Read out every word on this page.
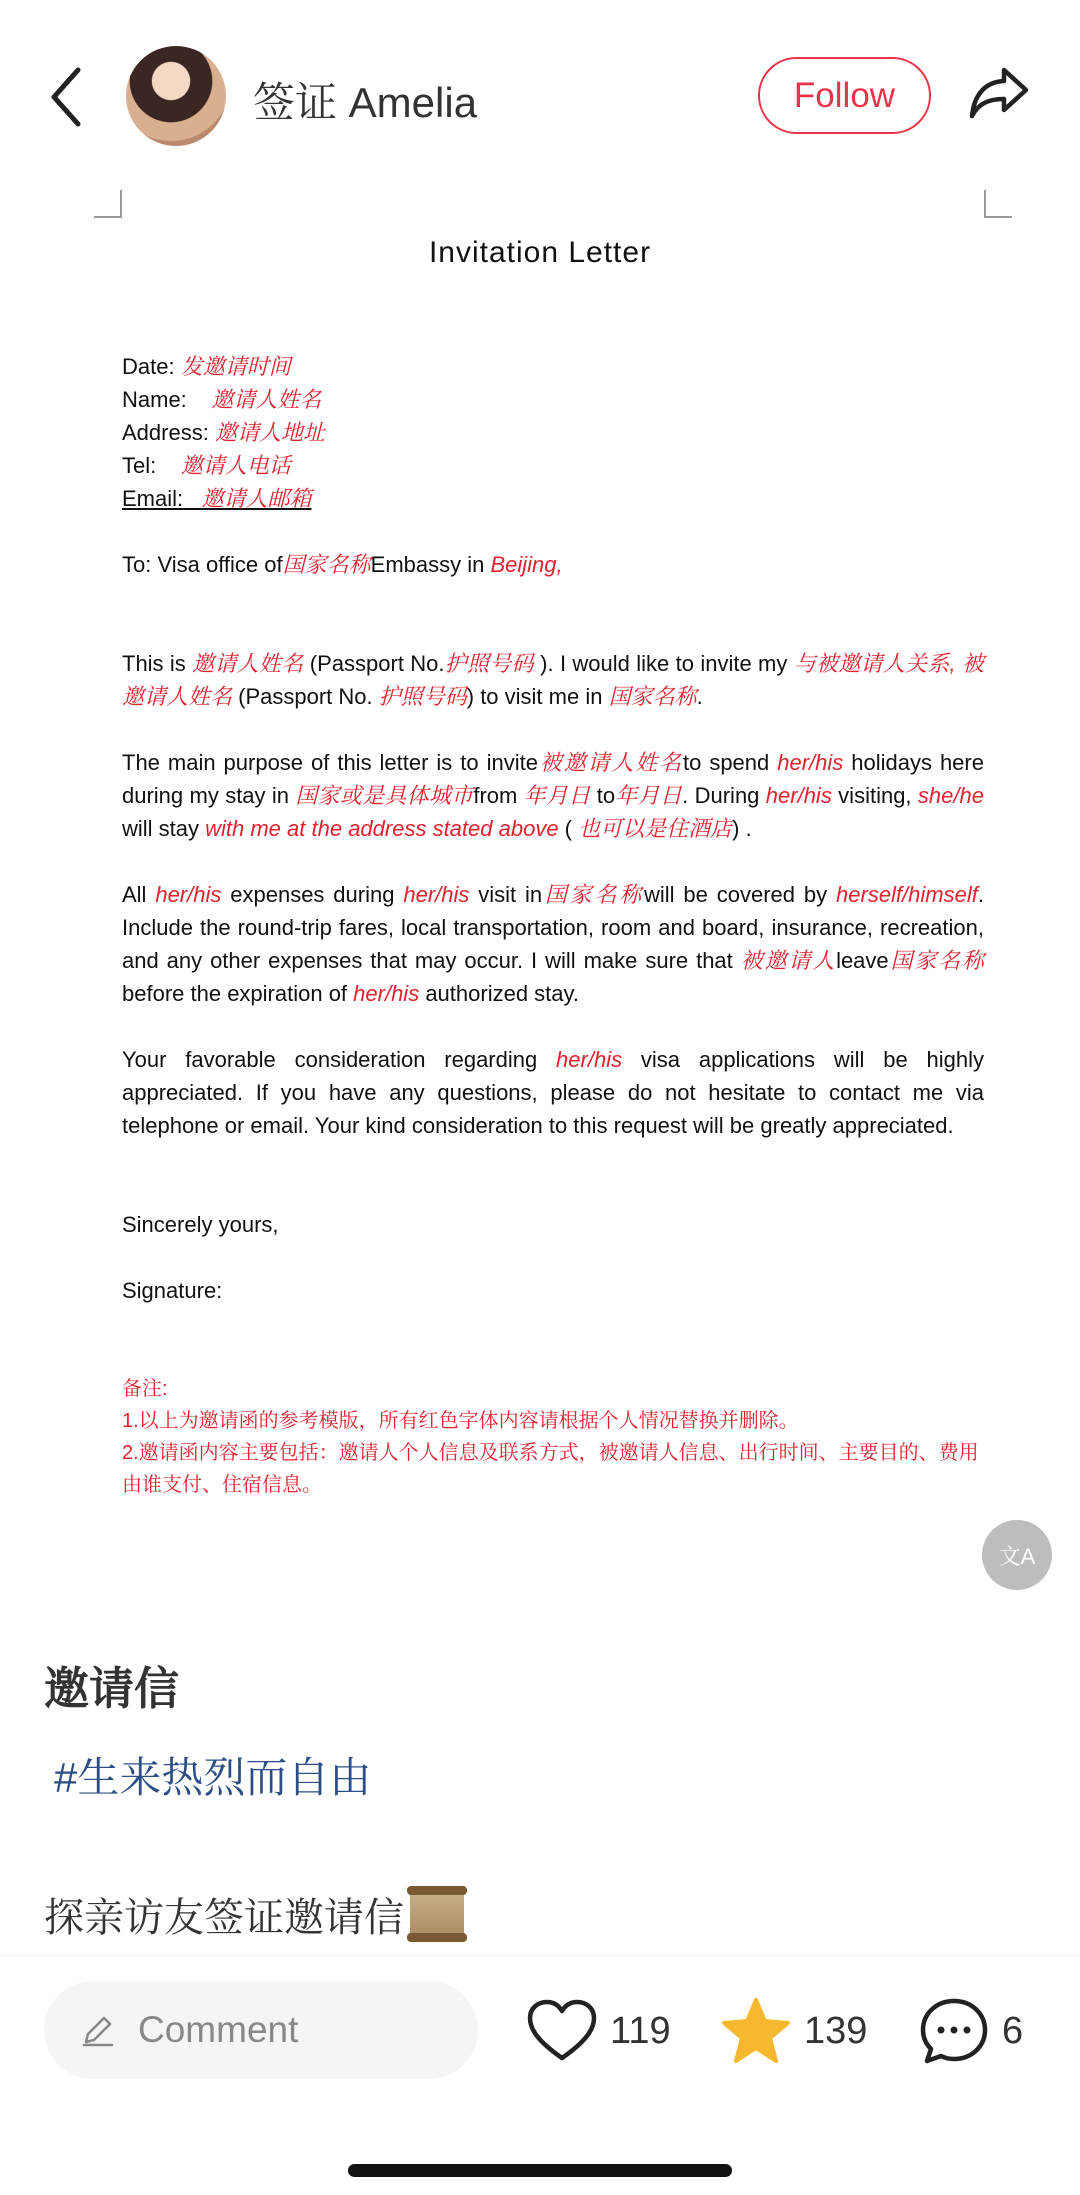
签证 Amelia	Follow
Invitation Letter
Date: 发邀请时间
Name: 邀请人姓名
Address: 邀请人地址
Tel: 邀请人电话
Email: 邀请人邮箱
To: Visa office of国家名称Embassy in Beijing,
This is 邀请人姓名 (Passport No.护照号码 ). I would like to invite my 与被邀请人关系, 被邀请人姓名 (Passport No. 护照号码) to visit me in 国家名称.
The main purpose of this letter is to invite被邀请人姓名to spend her/his holidays here during my stay in 国家或是具体城市from 年月日 to年月日. During her/his visiting, she/he will stay with me at the address stated above ( 也可以是住酒店) .
All her/his expenses during her/his visit in国家名称will be covered by herself/himself. Include the round-trip fares, local transportation, room and board, insurance, recreation, and any other expenses that may occur. I will make sure that 被邀请人leave国家名称before the expiration of her/his authorized stay.
Your favorable consideration regarding her/his visa applications will be highly appreciated. If you have any questions, please do not hesitate to contact me via telephone or email. Your kind consideration to this request will be greatly appreciated.
Sincerely yours,
Signature:
备注:
1.以上为邀请函的参考模版，所有红色字体内容请根据个人情况替换并删除。
2.邀请函内容主要包括：邀请人个人信息及联系方式，被邀请人信息、出行时间、主要目的、费用由谁支付、住宿信息。
文A
邀请信
#生来热烈而自由
探亲访友签证邀请信
Comment	119	139	6
